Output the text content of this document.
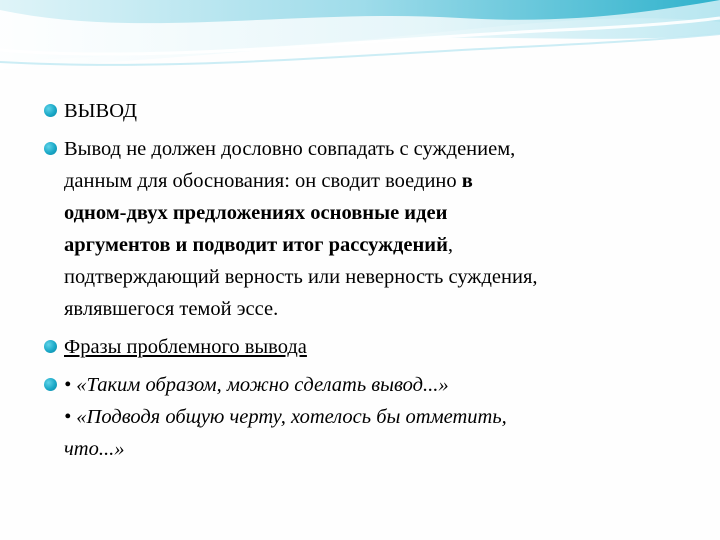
ВЫВОД
Вывод не должен дословно совпадать с суждением,
данным для обоснования: он сводит воедино в
одном-двух предложениях основные идеи
аргументов и подводит итог рассуждений,
подтверждающий верность или неверность суждения,
являвшегося темой эссе.
Фразы проблемного вывода
• «Таким образом, можно сделать вывод...»
• «Подводя общую черту, хотелось бы отметить,
что...»
